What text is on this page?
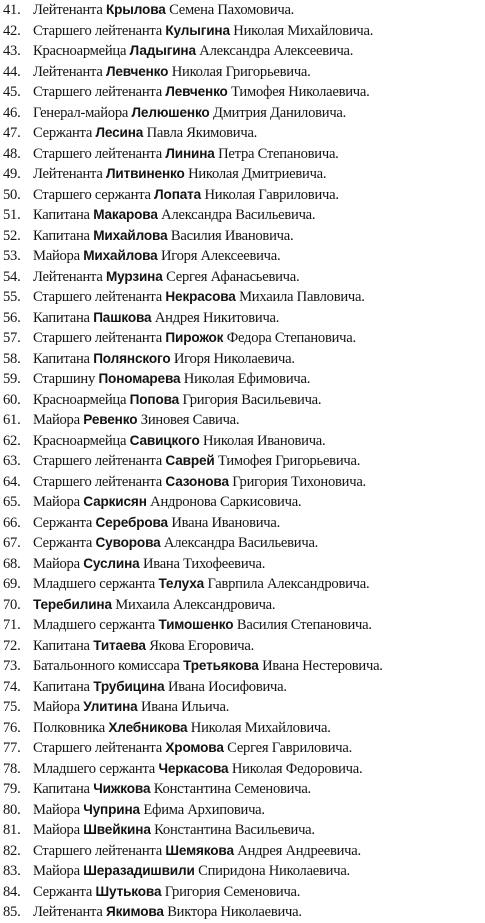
41. Лейтенанта Крылова Семена Пахомовича.
42. Старшего лейтенанта Кулыгина Николая Михайловича.
43. Красноармейца Ладыгина Александра Алексеевича.
44. Лейтенанта Левченко Николая Григорьевича.
45. Старшего лейтенанта Левченко Тимофея Николаевича.
46. Генерал-майора Лелюшенко Дмитрия Даниловича.
47. Сержанта Лесина Павла Якимовича.
48. Старшего лейтенанта Линина Петра Степановича.
49. Лейтенанта Литвиненко Николая Дмитриевича.
50. Старшего сержанта Лопата Николая Гавриловича.
51. Капитана Макарова Александра Васильевича.
52. Капитана Михайлова Василия Ивановича.
53. Майора Михайлова Игоря Алексеевича.
54. Лейтенанта Мурзина Сергея Афанасьевича.
55. Старшего лейтенанта Некрасова Михаила Павловича.
56. Капитана Пашкова Андрея Никитовича.
57. Старшего лейтенанта Пирожок Федора Степановича.
58. Капитана Полянского Игоря Николаевича.
59. Старшину Пономарева Николая Ефимовича.
60. Красноармейца Попова Григория Васильевича.
61. Майора Ревенко Зиновея Савича.
62. Красноармейца Савицкого Николая Ивановича.
63. Старшего лейтенанта Саврей Тимофея Григорьевича.
64. Старшего лейтенанта Сазонова Григория Тихоновича.
65. Майора Саркисян Андронова Саркисовича.
66. Сержанта Сереброва Ивана Ивановича.
67. Сержанта Суворова Александра Васильевича.
68. Майора Суслина Ивана Тихофеевича.
69. Младшего сержанта Телуха Гаврпила Александровича.
70. Теребилина Михаила Александровича.
71. Младшего сержанта Тимошенко Василия Степановича.
72. Капитана Титаева Якова Егоровича.
73. Батальонного комиссара Третьякова Ивана Нестеровича.
74. Капитана Трубицина Ивана Иосифовича.
75. Майора Улитина Ивана Ильича.
76. Полковника Хлебникова Николая Михайловича.
77. Старшего лейтенанта Хромова Сергея Гавриловича.
78. Младшего сержанта Черкасова Николая Федоровича.
79. Капитана Чижкова Константина Семеновича.
80. Майора Чуприна Ефима Архиповича.
81. Майора Швейкина Константина Васильевича.
82. Старшего лейтенанта Шемякова Андрея Андреевича.
83. Майора Шеразадишвили Спиридона Николаевича.
84. Сержанта Шутькова Григория Семеновича.
85. Лейтенанта Якимова Виктора Николаевича.
